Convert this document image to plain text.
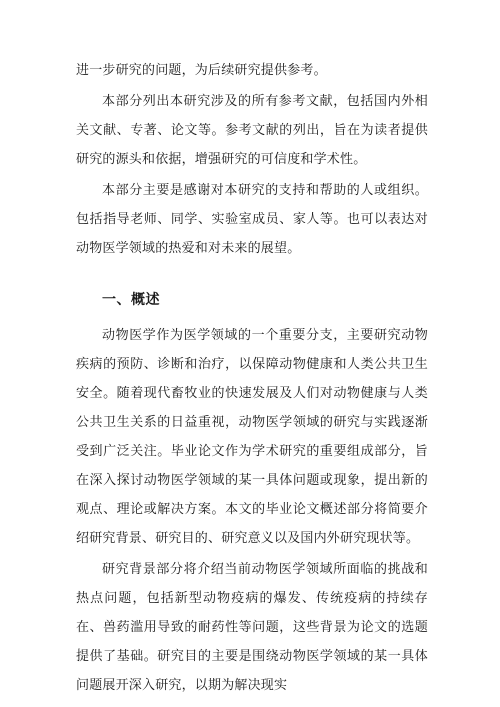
进一步研究的问题，为后续研究提供参考。

本部分列出本研究涉及的所有参考文献，包括国内外相关文献、专著、论文等。参考文献的列出，旨在为读者提供研究的源头和依据，增强研究的可信度和学术性。

本部分主要是感谢对本研究的支持和帮助的人或组织。包括指导老师、同学、实验室成员、家人等。也可以表达对动物医学领域的热爱和对未来的展望。

一、概述

动物医学作为医学领域的一个重要分支，主要研究动物疾病的预防、诊断和治疗，以保障动物健康和人类公共卫生安全。随着现代畜牧业的快速发展及人们对动物健康与人类公共卫生关系的日益重视，动物医学领域的研究与实践逐渐受到广泛关注。毕业论文作为学术研究的重要组成部分，旨在深入探讨动物医学领域的某一具体问题或现象，提出新的观点、理论或解决方案。本文的毕业论文概述部分将简要介绍研究背景、研究目的、研究意义以及国内外研究现状等。

研究背景部分将介绍当前动物医学领域所面临的挑战和热点问题，包括新型动物疫病的爆发、传统疫病的持续存在、兽药滥用导致的耐药性等问题，这些背景为论文的选题提供了基础。研究目的主要是围绕动物医学领域的某一具体问题展开深入研究，以期为解决现实
